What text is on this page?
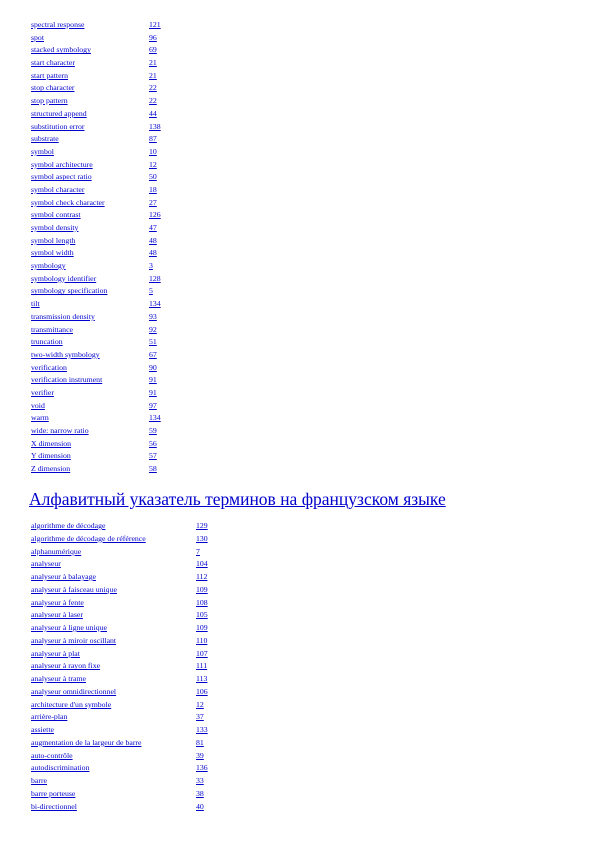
spectral response	121
spot	96
stacked symbology	69
start character	21
start pattern	21
stop character	22
stop pattern	22
structured append	44
substitution error	138
substrate	87
symbol	10
symbol architecture	12
symbol aspect ratio	50
symbol character	18
symbol check character	27
symbol contrast	126
symbol density	47
symbol length	48
symbol width	48
symbology	3
symbology identifier	128
symbology specification	5
tilt	134
transmission density	93
transmittance	92
truncation	51
two-width symbology	67
verification	90
verification instrument	91
verifier	91
void	97
warm	134
wide: narrow ratio	59
X dimension	56
Y dimension	57
Z dimension	58
Алфавитный указатель терминов на французском языке
algorithme de décodage	129
algorithme de décodage de référence	130
alphanumérique	7
analyseur	104
analyseur à balayage	112
analyseur à faisceau unique	109
analyseur à fente	108
analyseur à laser	105
analyseur à ligne unique	109
analyseur à miroir oscillant	110
analyseur à plat	107
analyseur à rayon fixe	111
analyseur à trame	113
analyseur omnidirectionnel	106
architecture d'un symbole	12
arrière-plan	37
assiette	133
augmentation de la largeur de barre	81
auto-contrôle	39
autodiscrimination	136
barre	33
barre porteuse	38
bi-directionnel	40
